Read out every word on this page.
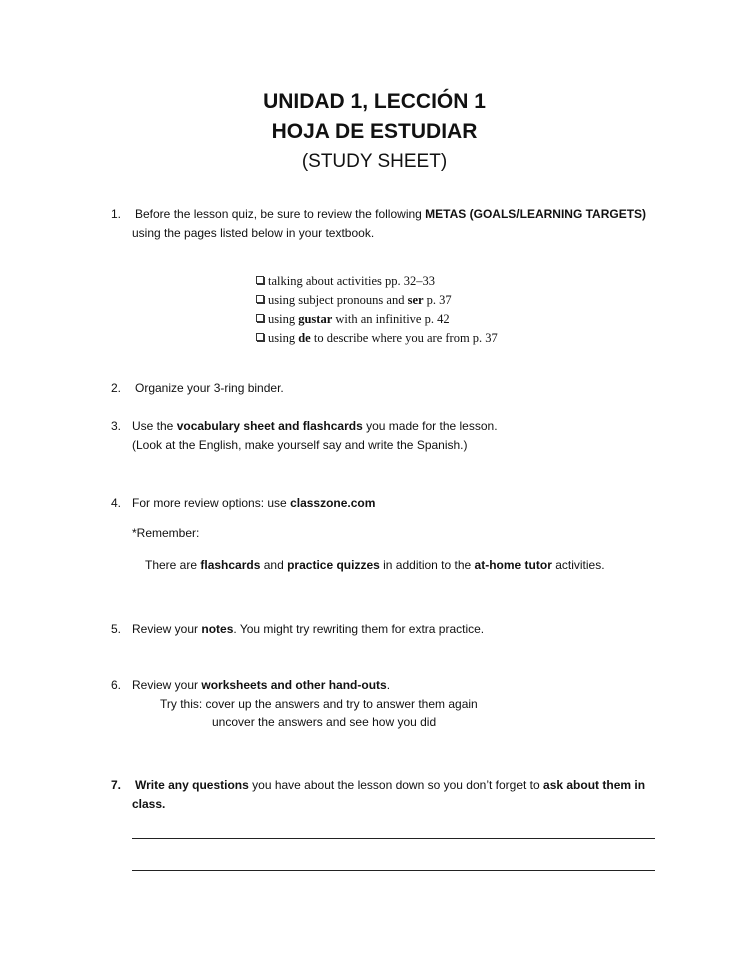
UNIDAD 1, LECCIÓN 1
HOJA DE ESTUDIAR
(STUDY SHEET)
1. Before the lesson quiz, be sure to review the following METAS (GOALS/LEARNING TARGETS)
using the pages listed below in your textbook.
talking about activities pp. 32–33
using subject pronouns and ser p. 37
using gustar with an infinitive p. 42
using de to describe where you are from p. 37
2. Organize your 3-ring binder.
3. Use the vocabulary sheet and flashcards you made for the lesson.
(Look at the English, make yourself say and write the Spanish.)
4. For more review options: use classzone.com
*Remember:
There are flashcards and practice quizzes in addition to the at-home tutor activities.
5. Review your notes. You might try rewriting them for extra practice.
6. Review your worksheets and other hand-outs.
Try this: cover up the answers and try to answer them again
uncover the answers and see how you did
7. Write any questions you have about the lesson down so you don’t forget to ask about them in
class.
